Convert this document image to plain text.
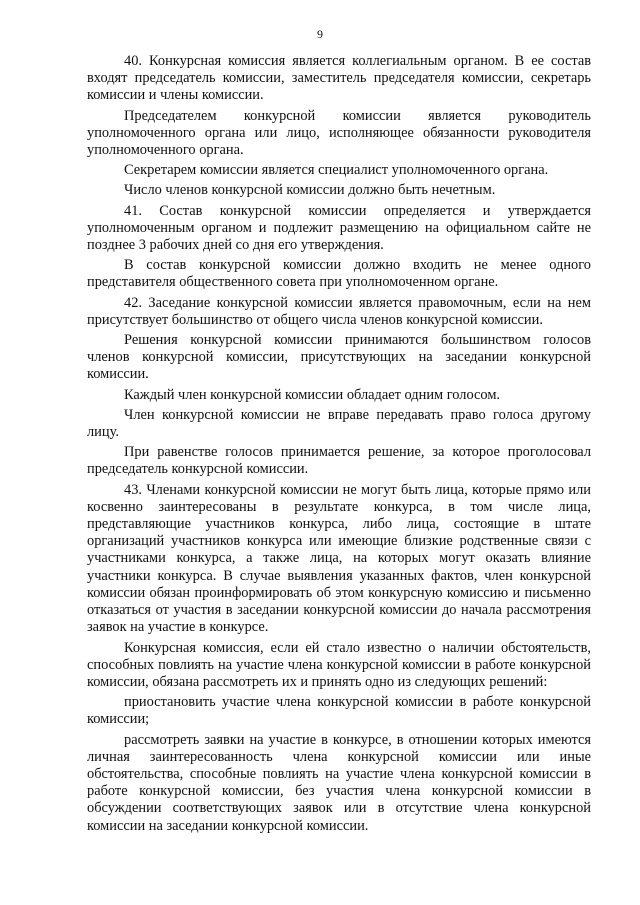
9

40. Конкурсная комиссия является коллегиальным органом. В ее состав входят председатель комиссии, заместитель председателя комиссии, секретарь комиссии и члены комиссии.

Председателем конкурсной комиссии является руководитель уполномоченного органа или лицо, исполняющее обязанности руководителя уполномоченного органа.

Секретарем комиссии является специалист уполномоченного органа.

Число членов конкурсной комиссии должно быть нечетным.

41. Состав конкурсной комиссии определяется и утверждается уполномоченным органом и подлежит размещению на официальном сайте не позднее 3 рабочих дней со дня его утверждения.

В состав конкурсной комиссии должно входить не менее одного представителя общественного совета при уполномоченном органе.

42. Заседание конкурсной комиссии является правомочным, если на нем присутствует большинство от общего числа членов конкурсной комиссии.

Решения конкурсной комиссии принимаются большинством голосов членов конкурсной комиссии, присутствующих на заседании конкурсной комиссии.

Каждый член конкурсной комиссии обладает одним голосом.

Член конкурсной комиссии не вправе передавать право голоса другому лицу.

При равенстве голосов принимается решение, за которое проголосовал председатель конкурсной комиссии.

43. Членами конкурсной комиссии не могут быть лица, которые прямо или косвенно заинтересованы в результате конкурса, в том числе лица, представляющие участников конкурса, либо лица, состоящие в штате организаций участников конкурса или имеющие близкие родственные связи с участниками конкурса, а также лица, на которых могут оказать влияние участники конкурса. В случае выявления указанных фактов, член конкурсной комиссии обязан проинформировать об этом конкурсную комиссию и письменно отказаться от участия в заседании конкурсной комиссии до начала рассмотрения заявок на участие в конкурсе.

Конкурсная комиссия, если ей стало известно о наличии обстоятельств, способных повлиять на участие члена конкурсной комиссии в работе конкурсной комиссии, обязана рассмотреть их и принять одно из следующих решений:

приостановить участие члена конкурсной комиссии в работе конкурсной комиссии;

рассмотреть заявки на участие в конкурсе, в отношении которых имеются личная заинтересованность члена конкурсной комиссии или иные обстоятельства, способные повлиять на участие члена конкурсной комиссии в работе конкурсной комиссии, без участия члена конкурсной комиссии в обсуждении соответствующих заявок или в отсутствие члена конкурсной комиссии на заседании конкурсной комиссии.
